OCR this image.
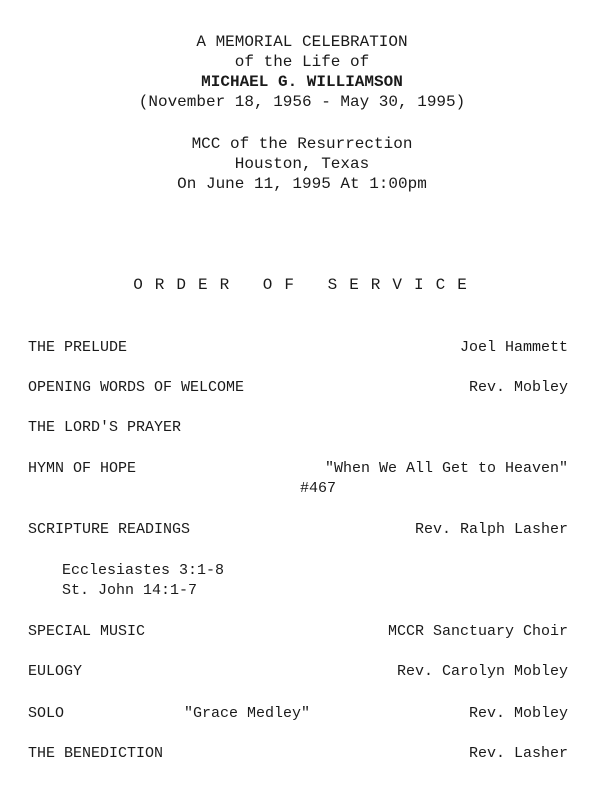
A MEMORIAL CELEBRATION
of the Life of
MICHAEL G. WILLIAMSON
(November 18, 1956 - May 30, 1995)
MCC of the Resurrection
Houston, Texas
On June 11, 1995 At 1:00pm
ORDER OF SERVICE
THE PRELUDE	Joel Hammett
OPENING WORDS OF WELCOME	Rev. Mobley
THE LORD'S PRAYER
HYMN OF HOPE	"When We All Get to Heaven"
#467
SCRIPTURE READINGS	Rev. Ralph Lasher
Ecclesiastes 3:1-8
St. John 14:1-7
SPECIAL MUSIC	MCCR Sanctuary Choir
EULOGY	Rev. Carolyn Mobley
SOLO	"Grace Medley"	Rev. Mobley
THE BENEDICTION	Rev. Lasher
